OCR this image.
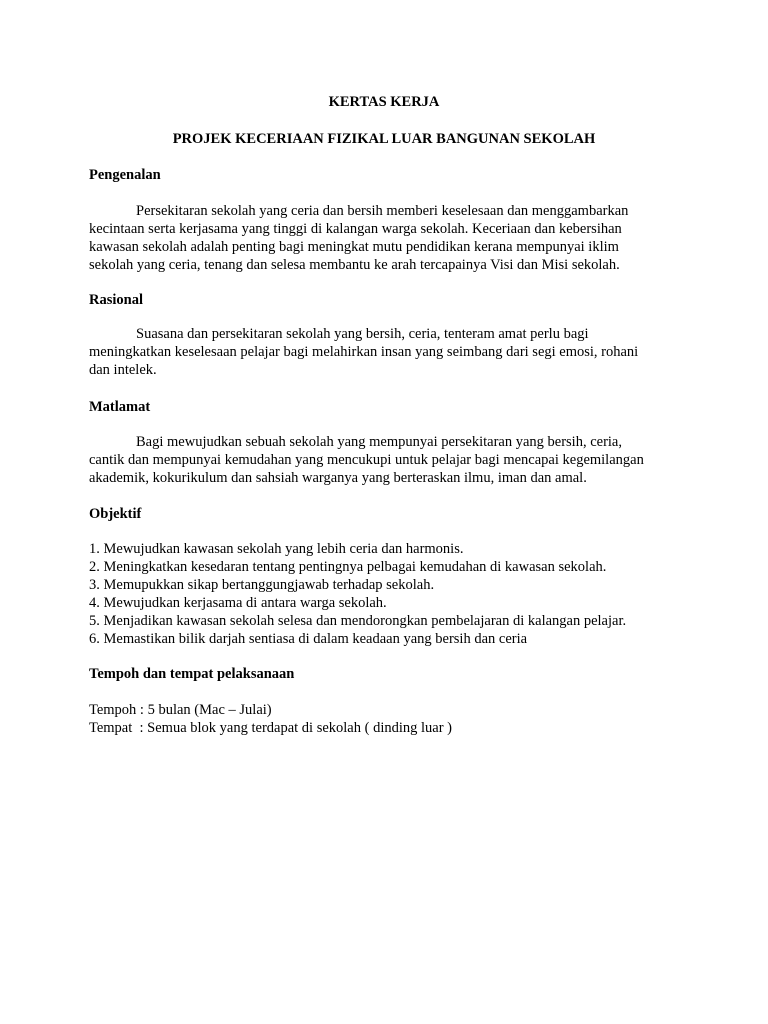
KERTAS KERJA
PROJEK KECERIAAN FIZIKAL LUAR BANGUNAN SEKOLAH
Pengenalan
Persekitaran sekolah yang ceria dan bersih memberi keselesaan dan menggambarkan
kecintaan serta kerjasama yang tinggi di kalangan warga sekolah. Keceriaan dan kebersihan
kawasan sekolah adalah penting bagi meningkat mutu pendidikan kerana mempunyai iklim
sekolah yang ceria, tenang dan selesa membantu ke arah tercapainya Visi dan Misi sekolah.
Rasional
Suasana dan persekitaran sekolah yang bersih, ceria, tenteram amat perlu bagi
meningkatkan keselesaan pelajar bagi melahirkan insan yang seimbang dari segi emosi, rohani
dan intelek.
Matlamat
Bagi mewujudkan sebuah sekolah yang mempunyai persekitaran yang bersih, ceria,
cantik dan mempunyai kemudahan yang mencukupi untuk pelajar bagi mencapai kegemilangan
akademik, kokurikulum dan sahsiah warganya yang berteraskan ilmu, iman dan amal.
Objektif
1. Mewujudkan kawasan sekolah yang lebih ceria dan harmonis.
2. Meningkatkan kesedaran tentang pentingnya pelbagai kemudahan di kawasan sekolah.
3. Memupukkan sikap bertanggungjawab terhadap sekolah.
4. Mewujudkan kerjasama di antara warga sekolah.
5. Menjadikan kawasan sekolah selesa dan mendorongkan pembelajaran di kalangan pelajar.
6. Memastikan bilik darjah sentiasa di dalam keadaan yang bersih dan ceria
Tempoh dan tempat pelaksanaan
Tempoh : 5 bulan (Mac – Julai)
Tempat  : Semua blok yang terdapat di sekolah ( dinding luar )
